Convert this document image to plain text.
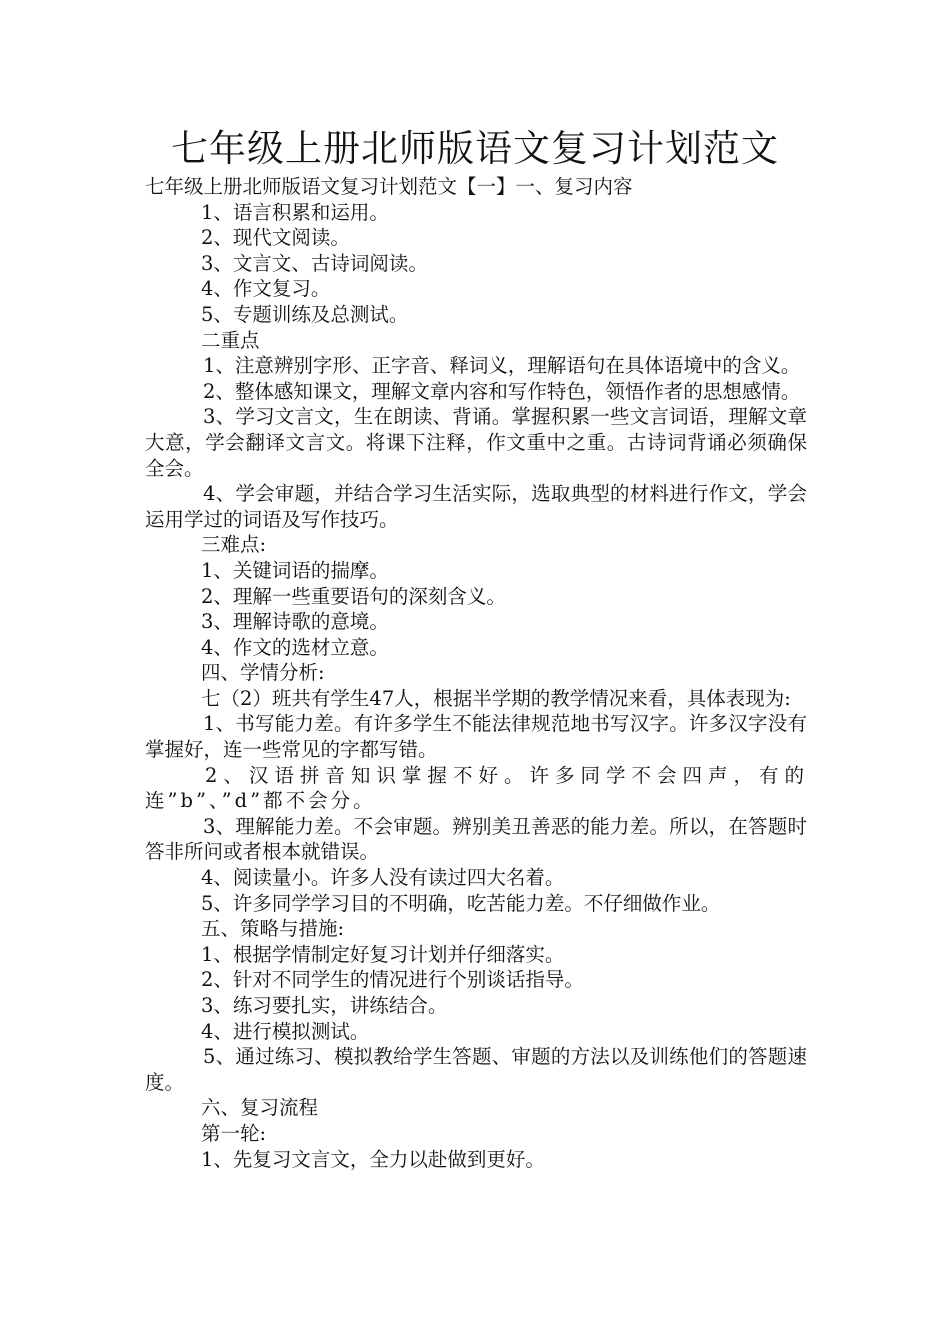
七年级上册北师版语文复习计划范文

七年级上册北师版语文复习计划范文【一】一、复习内容

1、语言积累和运用。

2、现代文阅读。

3、文言文、古诗词阅读。

4、作文复习。

5、专题训练及总测试。

二重点

1、注意辨别字形、正字音、释词义，理解语句在具体语境中的含义。

2、整体感知课文，理解文章内容和写作特色，领悟作者的思想感情。

3、学习文言文，生在朗读、背诵。掌握积累一些文言词语，理解文章大意，学会翻译文言文。将课下注释，作文重中之重。古诗词背诵必须确保全会。

4、学会审题，并结合学习生活实际，选取典型的材料进行作文，学会运用学过的词语及写作技巧。

三难点:

1、关键词语的揣摩。

2、理解一些重要语句的深刻含义。

3、理解诗歌的意境。

4、作文的选材立意。

四、学情分析:

七（2）班共有学生47人，根据半学期的教学情况来看，具体表现为:

1、书写能力差。有许多学生不能法律规范地书写汉字。许多汉字没有掌握好，连一些常见的字都写错。

2、汉语拼音知识掌握不好。许多同学不会四声，有的连”b”、”d”都不会分。

3、理解能力差。不会审题。辨别美丑善恶的能力差。所以，在答题时答非所问或者根本就错误。

4、阅读量小。许多人没有读过四大名着。

5、许多同学学习目的不明确，吃苦能力差。不仔细做作业。

五、策略与措施:

1、根据学情制定好复习计划并仔细落实。

2、针对不同学生的情况进行个别谈话指导。

3、练习要扎实，讲练结合。

4、进行模拟测试。

5、通过练习、模拟教给学生答题、审题的方法以及训练他们的答题速度。

六、复习流程

第一轮:

1、先复习文言文，全力以赴做到更好。
